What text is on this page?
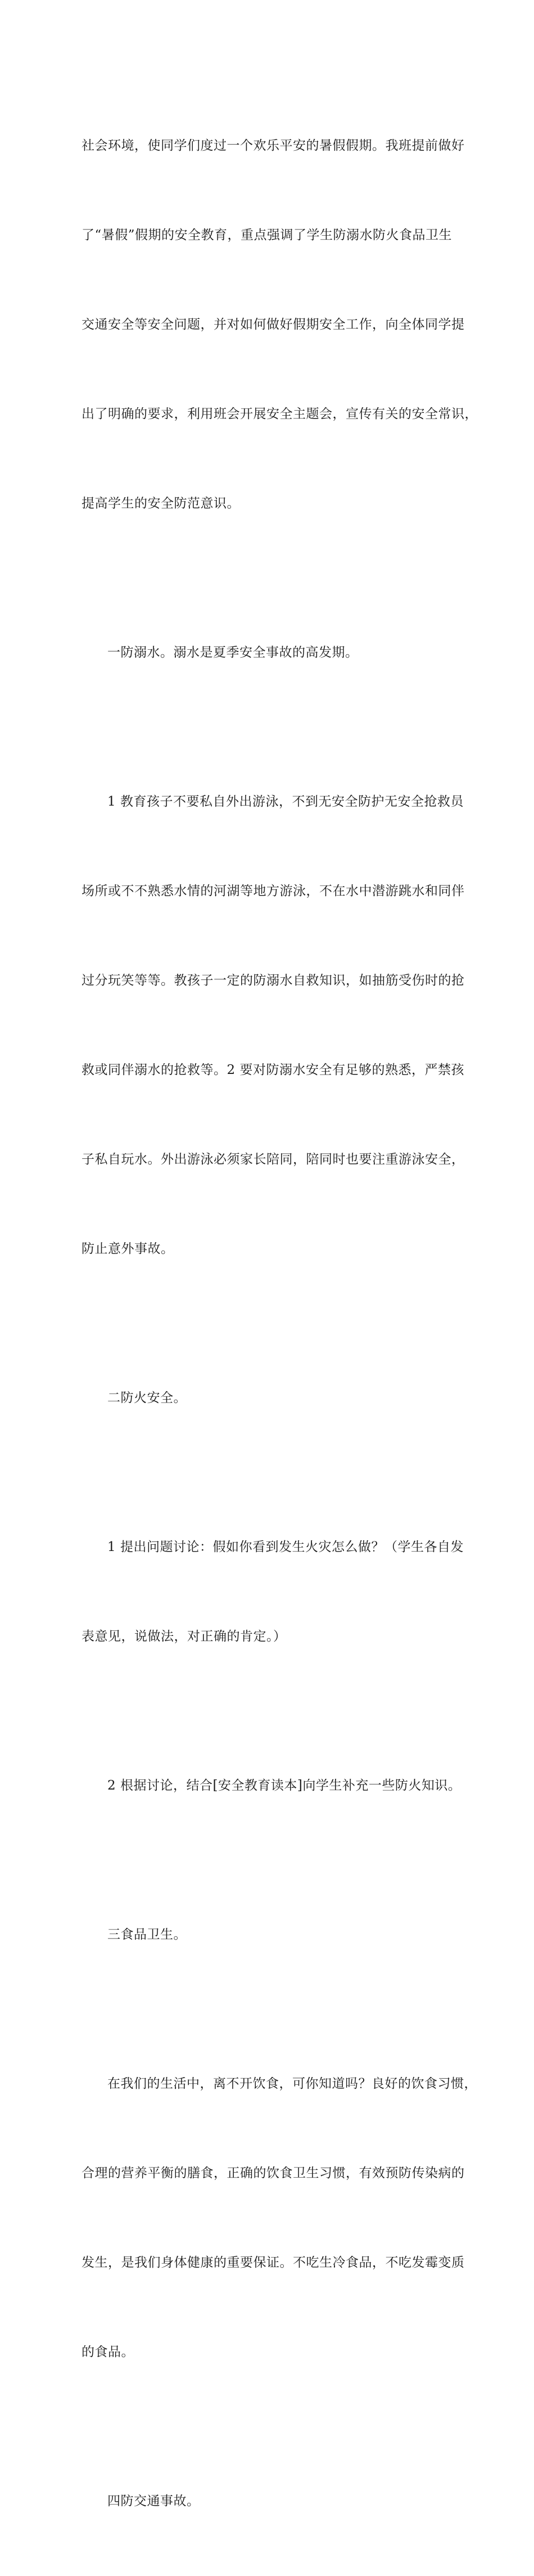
社会环境，使同学们度过一个欢乐平安的暑假假期。我班提前做好

了“暑假”假期的安全教育，重点强调了学生防溺水防火食品卫生

交通安全等安全问题，并对如何做好假期安全工作，向全体同学提

出了明确的要求，利用班会开展安全主题会，宣传有关的安全常识，

提高学生的安全防范意识。

一防溺水。溺水是夏季安全事故的高发期。

1 教育孩子不要私自外出游泳，不到无安全防护无安全抢救员

场所或不不熟悉水情的河湖等地方游泳，不在水中潜游跳水和同伴

过分玩笑等等。教孩子一定的防溺水自救知识，如抽筋受伤时的抢

救或同伴溺水的抢救等。2 要对防溺水安全有足够的熟悉，严禁孩

子私自玩水。外出游泳必须家长陪同，陪同时也要注重游泳安全，

防止意外事故。

二防火安全。

1 提出问题讨论：假如你看到发生火灾怎么做？（学生各自发

表意见，说做法，对正确的肯定。）

2 根据讨论，结合[安全教育读本]向学生补充一些防火知识。

三食品卫生。

在我们的生活中，离不开饮食，可你知道吗？良好的饮食习惯，

合理的营养平衡的膳食，正确的饮食卫生习惯，有效预防传染病的

发生，是我们身体健康的重要保证。不吃生冷食品，不吃发霉变质

的食品。

四防交通事故。
